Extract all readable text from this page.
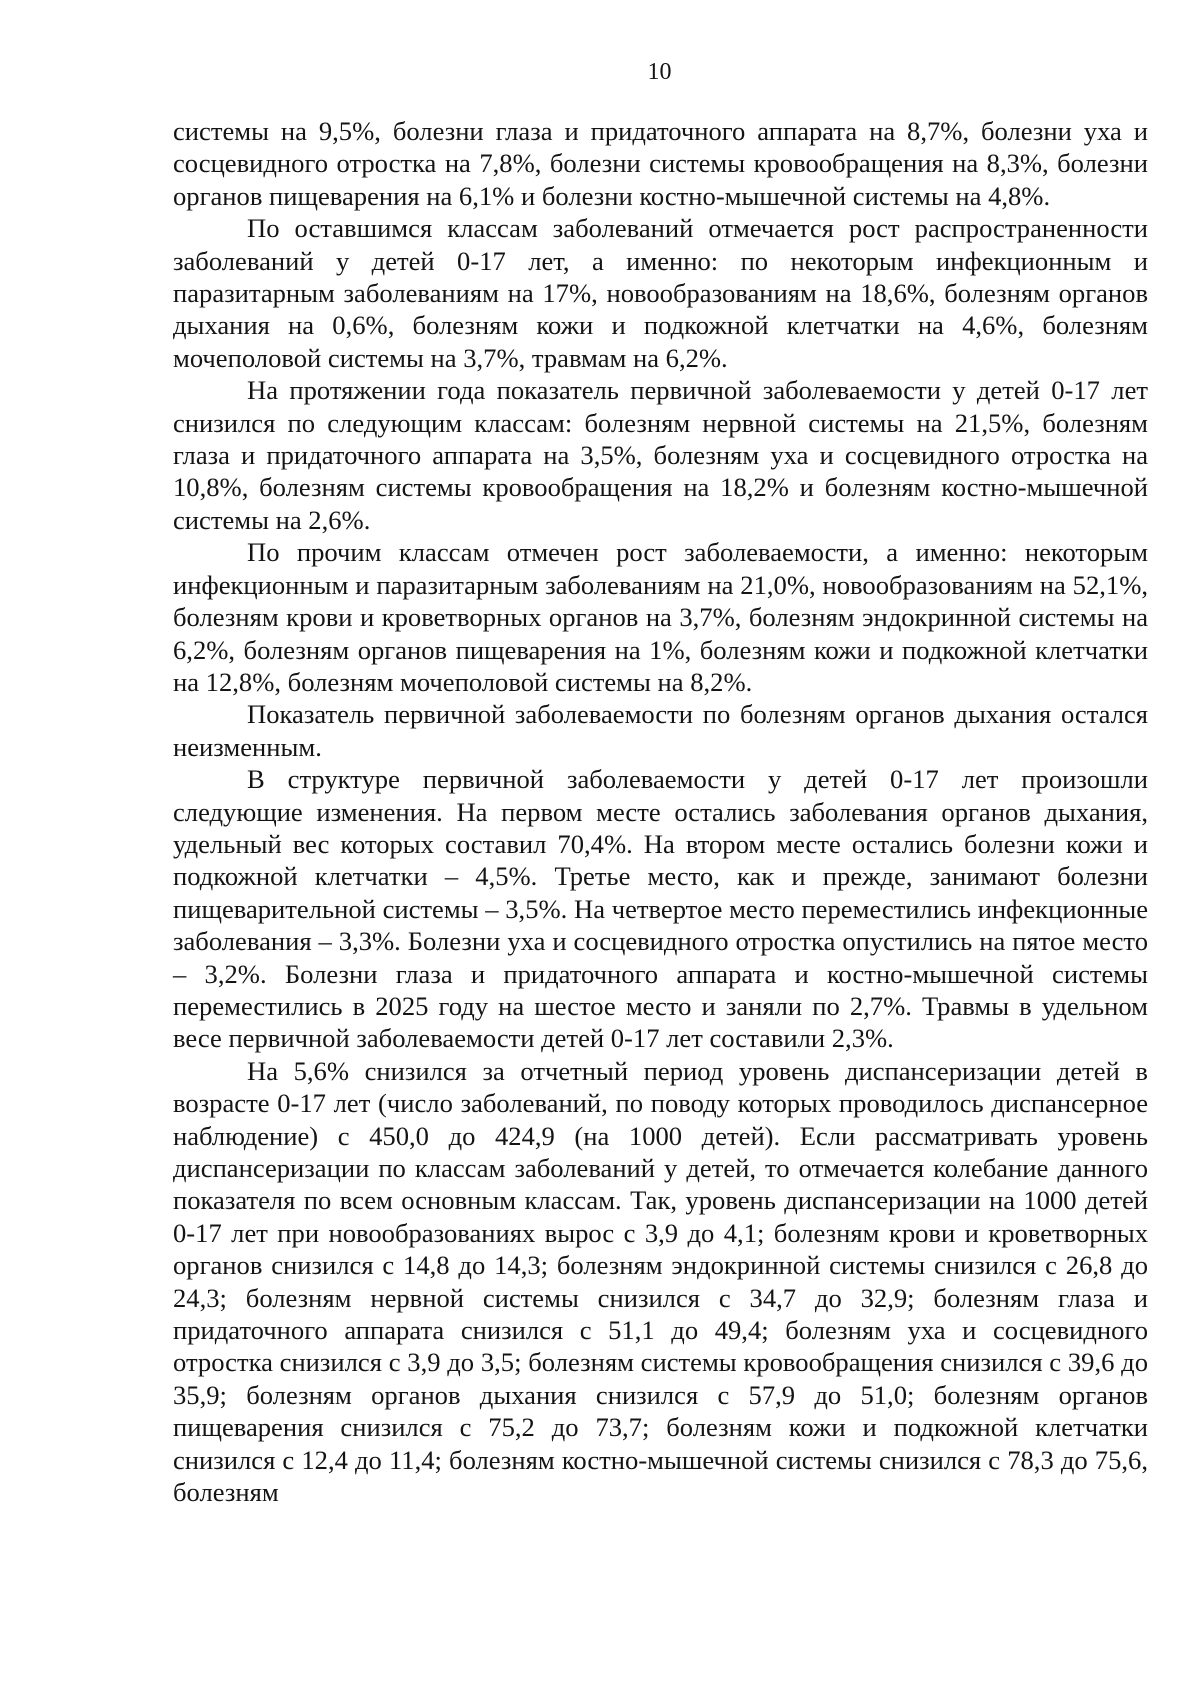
10

системы на 9,5%, болезни глаза и придаточного аппарата на 8,7%, болезни уха и сосцевидного отростка на 7,8%, болезни системы кровообращения на 8,3%, болезни органов пищеварения на 6,1% и болезни костно-мышечной системы на 4,8%.

По оставшимся классам заболеваний отмечается рост распространенности заболеваний у детей 0-17 лет, а именно: по некоторым инфекционным и паразитарным заболеваниям на 17%, новообразованиям на 18,6%, болезням органов дыхания на 0,6%, болезням кожи и подкожной клетчатки на 4,6%, болезням мочеполовой системы на 3,7%, травмам на 6,2%.

На протяжении года показатель первичной заболеваемости у детей 0-17 лет снизился по следующим классам: болезням нервной системы на 21,5%, болезням глаза и придаточного аппарата на 3,5%, болезням уха и сосцевидного отростка на 10,8%, болезням системы кровообращения на 18,2% и болезням костно-мышечной системы на 2,6%.

По прочим классам отмечен рост заболеваемости, а именно: некоторым инфекционным и паразитарным заболеваниям на 21,0%, новообразованиям на 52,1%, болезням крови и кроветворных органов на 3,7%, болезням эндокринной системы на 6,2%, болезням органов пищеварения на 1%, болезням кожи и подкожной клетчатки на 12,8%, болезням мочеполовой системы на 8,2%.

Показатель первичной заболеваемости по болезням органов дыхания остался неизменным.

В структуре первичной заболеваемости у детей 0-17 лет произошли следующие изменения. На первом месте остались заболевания органов дыхания, удельный вес которых составил 70,4%. На втором месте остались болезни кожи и подкожной клетчатки – 4,5%. Третье место, как и прежде, занимают болезни пищеварительной системы – 3,5%. На четвертое место переместились инфекционные заболевания – 3,3%. Болезни уха и сосцевидного отростка опустились на пятое место – 3,2%. Болезни глаза и придаточного аппарата и костно-мышечной системы переместились в 2025 году на шестое место и заняли по 2,7%. Травмы в удельном весе первичной заболеваемости детей 0-17 лет составили 2,3%.

На 5,6% снизился за отчетный период уровень диспансеризации детей в возрасте 0-17 лет (число заболеваний, по поводу которых проводилось диспансерное наблюдение) с 450,0 до 424,9 (на 1000 детей). Если рассматривать уровень диспансеризации по классам заболеваний у детей, то отмечается колебание данного показателя по всем основным классам. Так, уровень диспансеризации на 1000 детей 0-17 лет при новообразованиях вырос с 3,9 до 4,1; болезням крови и кроветворных органов снизился с 14,8 до 14,3; болезням эндокринной системы снизился с 26,8 до 24,3; болезням нервной системы снизился с 34,7 до 32,9; болезням глаза и придаточного аппарата снизился с 51,1 до 49,4; болезням уха и сосцевидного отростка снизился с 3,9 до 3,5; болезням системы кровообращения снизился с 39,6 до 35,9; болезням органов дыхания снизился с 57,9 до 51,0; болезням органов пищеварения снизился с 75,2 до 73,7; болезням кожи и подкожной клетчатки снизился с 12,4 до 11,4; болезням костно-мышечной системы снизился с 78,3 до 75,6, болезням
